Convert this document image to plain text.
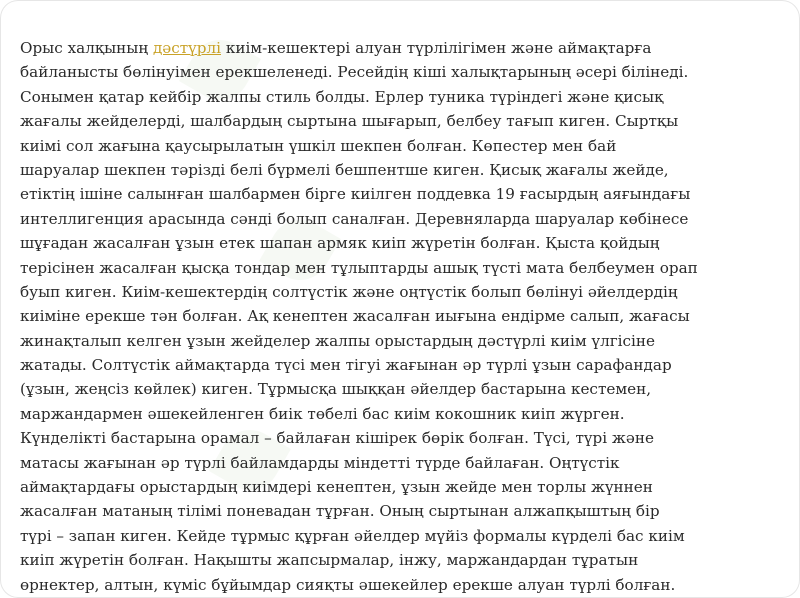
Орыс халқының дәстүрлі киім-кешектері алуан түрлілігімен және аймақтарға
байланысты бөлінуімен ерекшеленеді. Ресейдің кіші халықтарының әсері білінеді.
Сонымен қатар кейбір жалпы стиль болды. Ерлер туника түріндегі және қисық
жағалы жейделерді, шалбардың сыртына шығарып, белбеу тағып киген. Сыртқы
киімі сол жағына қаусырылатын үшкіл шекпен болған. Көпестер мен бай
шаруалар шекпен тәрізді белі бүрмелі бешпентше киген. Қисық жағалы жейде,
етіктің ішіне салынған шалбармен бірге киілген поддевка 19 ғасырдың аяғындағы
интеллигенция арасында сәнді болып саналған. Деревняларда шаруалар көбінесе
шұғадан жасалған ұзын етек шапан армяк киіп жүретін болған. Қыста қойдың
терісінен жасалған қысқа тондар мен тұлыптарды ашық түсті мата белбеумен орап
буып киген. Киім-кешектердің солтүстік және оңтүстік болып бөлінуі әйелдердің
киіміне ерекше тән болған. Ақ кенептен жасалған иығына ендірме салып, жағасы
жинақталып келген ұзын жейделер жалпы орыстардың дәстүрлі киім үлгісіне
жатады. Солтүстік аймақтарда түсі мен тігуі жағынан әр түрлі ұзын сарафандар
(ұзын, жеңсіз көйлек) киген. Тұрмысқа шыққан әйелдер бастарына кестемен,
маржандармен әшекейленген биік төбелі бас киім кокошник киіп жүрген.
Күнделікті бастарына орамал – байлаған кішірек бөрік болған. Түсі, түрі және
матасы жағынан әр түрлі байламдарды міндетті түрде байлаған. Оңтүстік
аймақтардағы орыстардың киімдері кенептен, ұзын жейде мен торлы жүннен
жасалған матаның тілімі поневадан тұрған. Оның сыртынан алжапқыштың бір
түрі – запан киген. Кейде тұрмыс құрған әйелдер мүйіз формалы күрделі бас киім
киіп жүретін болған. Нақышты жапсырмалар, інжу, маржандардан тұратын
өрнектер, алтын, күміс бұйымдар сияқты әшекейлер ерекше алуан түрлі болған.
